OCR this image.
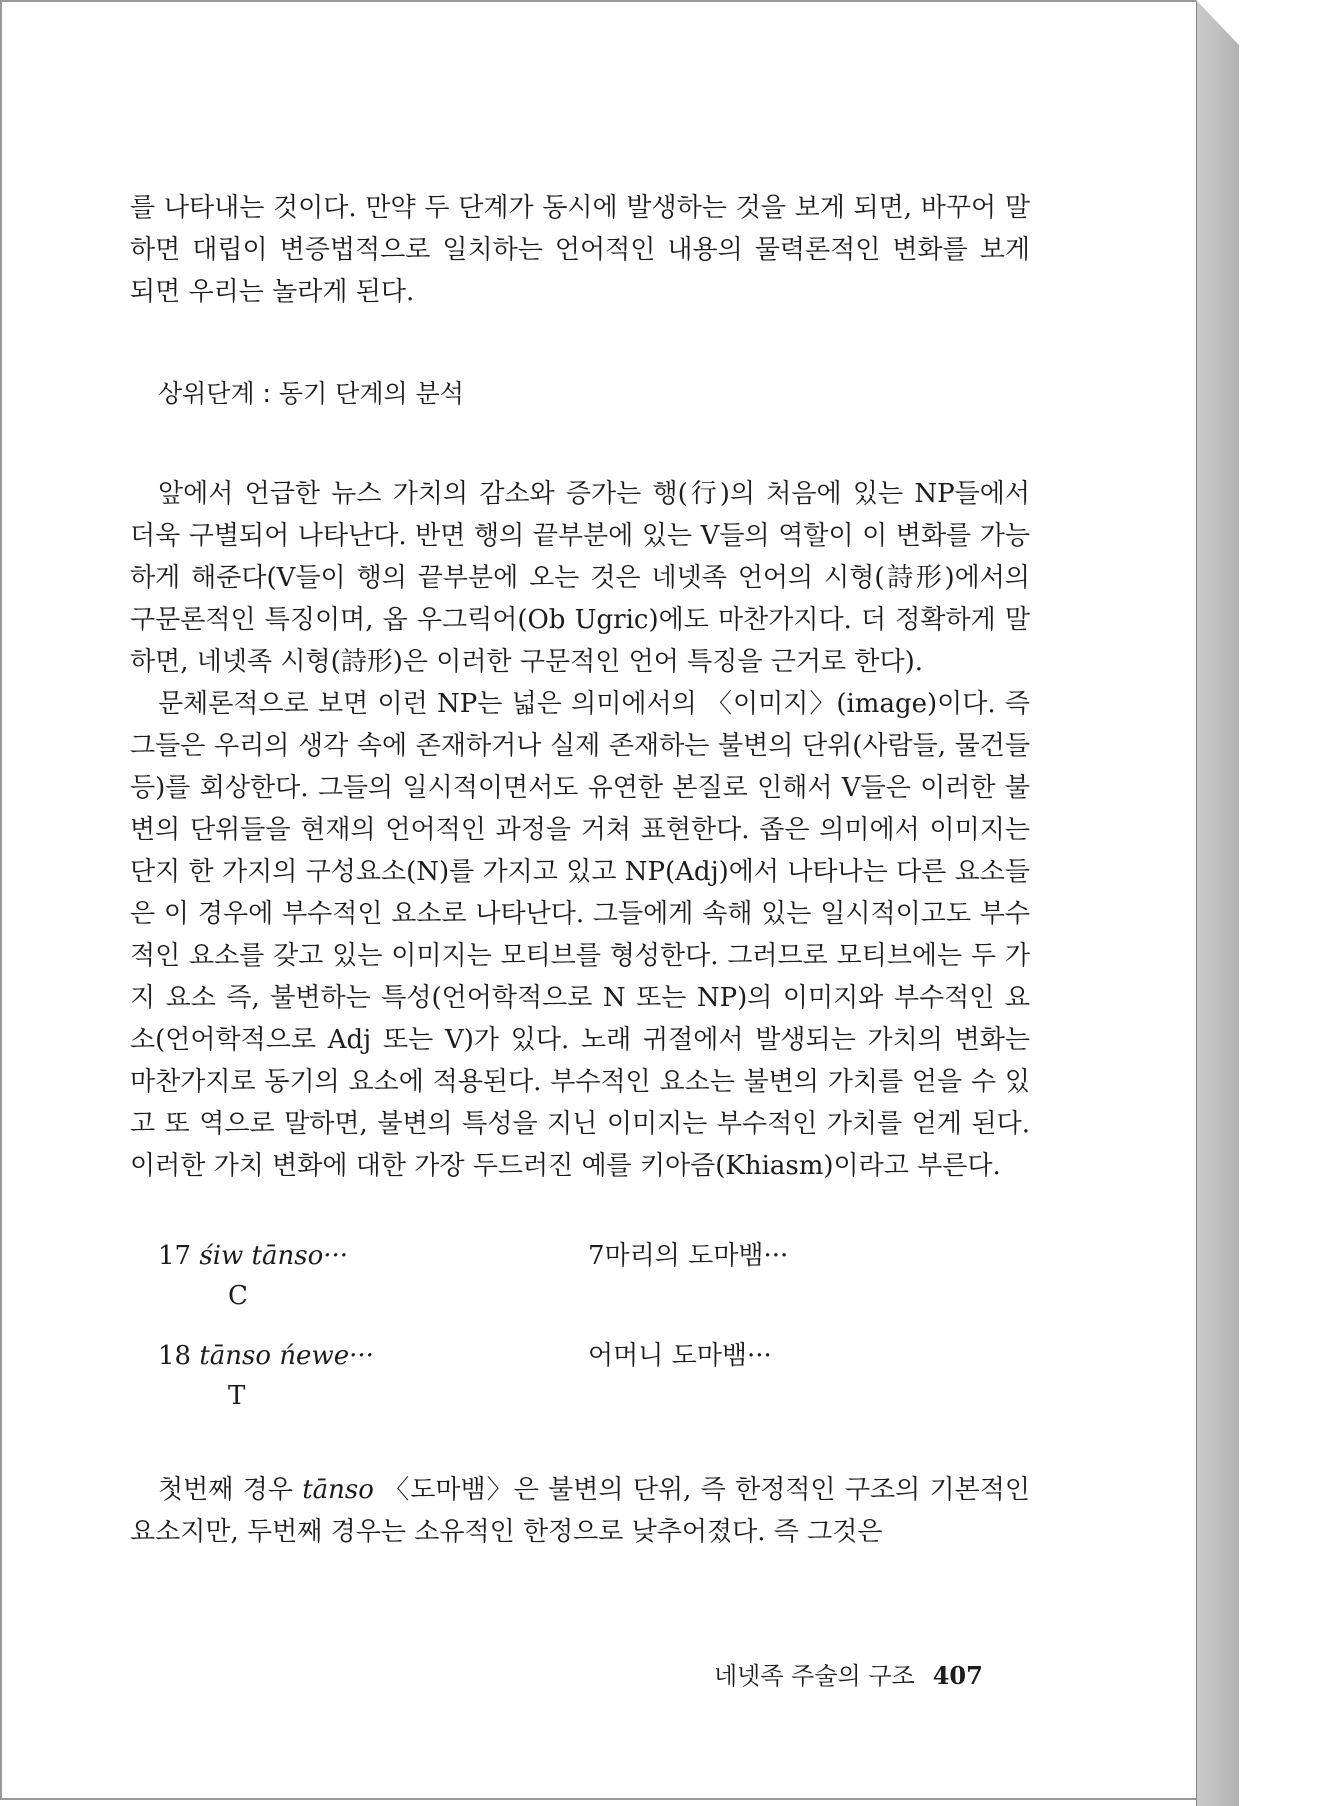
를 나타내는 것이다. 만약 두 단계가 동시에 발생하는 것을 보게 되면, 바꾸어 말하면 대립이 변증법적으로 일치하는 언어적인 내용의 물력론적인 변화를 보게 되면 우리는 놀라게 된다.

상위단계 : 동기 단계의 분석

앞에서 언급한 뉴스 가치의 감소와 증가는 행(行)의 처음에 있는 NP들에서 더욱 구별되어 나타난다. 반면 행의 끝부분에 있는 V들의 역할이 이 변화를 가능하게 해준다(V들이 행의 끝부분에 오는 것은 네넷족 언어의 시형(詩形)에서의 구문론적인 특징이며, 옵 우그릭어(Ob Ugric)에도 마찬가지다. 더 정확하게 말하면, 네넷족 시형(詩形)은 이러한 구문적인 언어 특징을 근거로 한다).

문체론적으로 보면 이런 NP는 넓은 의미에서의 〈이미지〉(image)이다. 즉 그들은 우리의 생각 속에 존재하거나 실제 존재하는 불변의 단위(사람들, 물건들 등)를 회상한다. 그들의 일시적이면서도 유연한 본질로 인해서 V들은 이러한 불변의 단위들을 현재의 언어적인 과정을 거쳐 표현한다. 좁은 의미에서 이미지는 단지 한 가지의 구성요소(N)를 가지고 있고 NP(Adj)에서 나타나는 다른 요소들은 이 경우에 부수적인 요소로 나타난다. 그들에게 속해 있는 일시적이고도 부수적인 요소를 갖고 있는 이미지는 모티브를 형성한다. 그러므로 모티브에는 두 가지 요소 즉, 불변하는 특성(언어학적으로 N 또는 NP)의 이미지와 부수적인 요소(언어학적으로 Adj 또는 V)가 있다. 노래 귀절에서 발생되는 가치의 변화는 마찬가지로 동기의 요소에 적용된다. 부수적인 요소는 불변의 가치를 얻을 수 있고 또 역으로 말하면, 불변의 특성을 지닌 이미지는 부수적인 가치를 얻게 된다. 이러한 가치 변화에 대한 가장 두드러진 예를 키아즘(Khiasm)이라고 부른다.

17 śiw tānso···	7마리의 도마뱀···
C
18 tānso ńewe···	어머니 도마뱀···
T

첫번째 경우 tānso 〈도마뱀〉은 불변의 단위, 즉 한정적인 구조의 기본적인 요소지만, 두번째 경우는 소유적인 한정으로 낮추어졌다. 즉 그것은

네넷족 주술의 구조 407
